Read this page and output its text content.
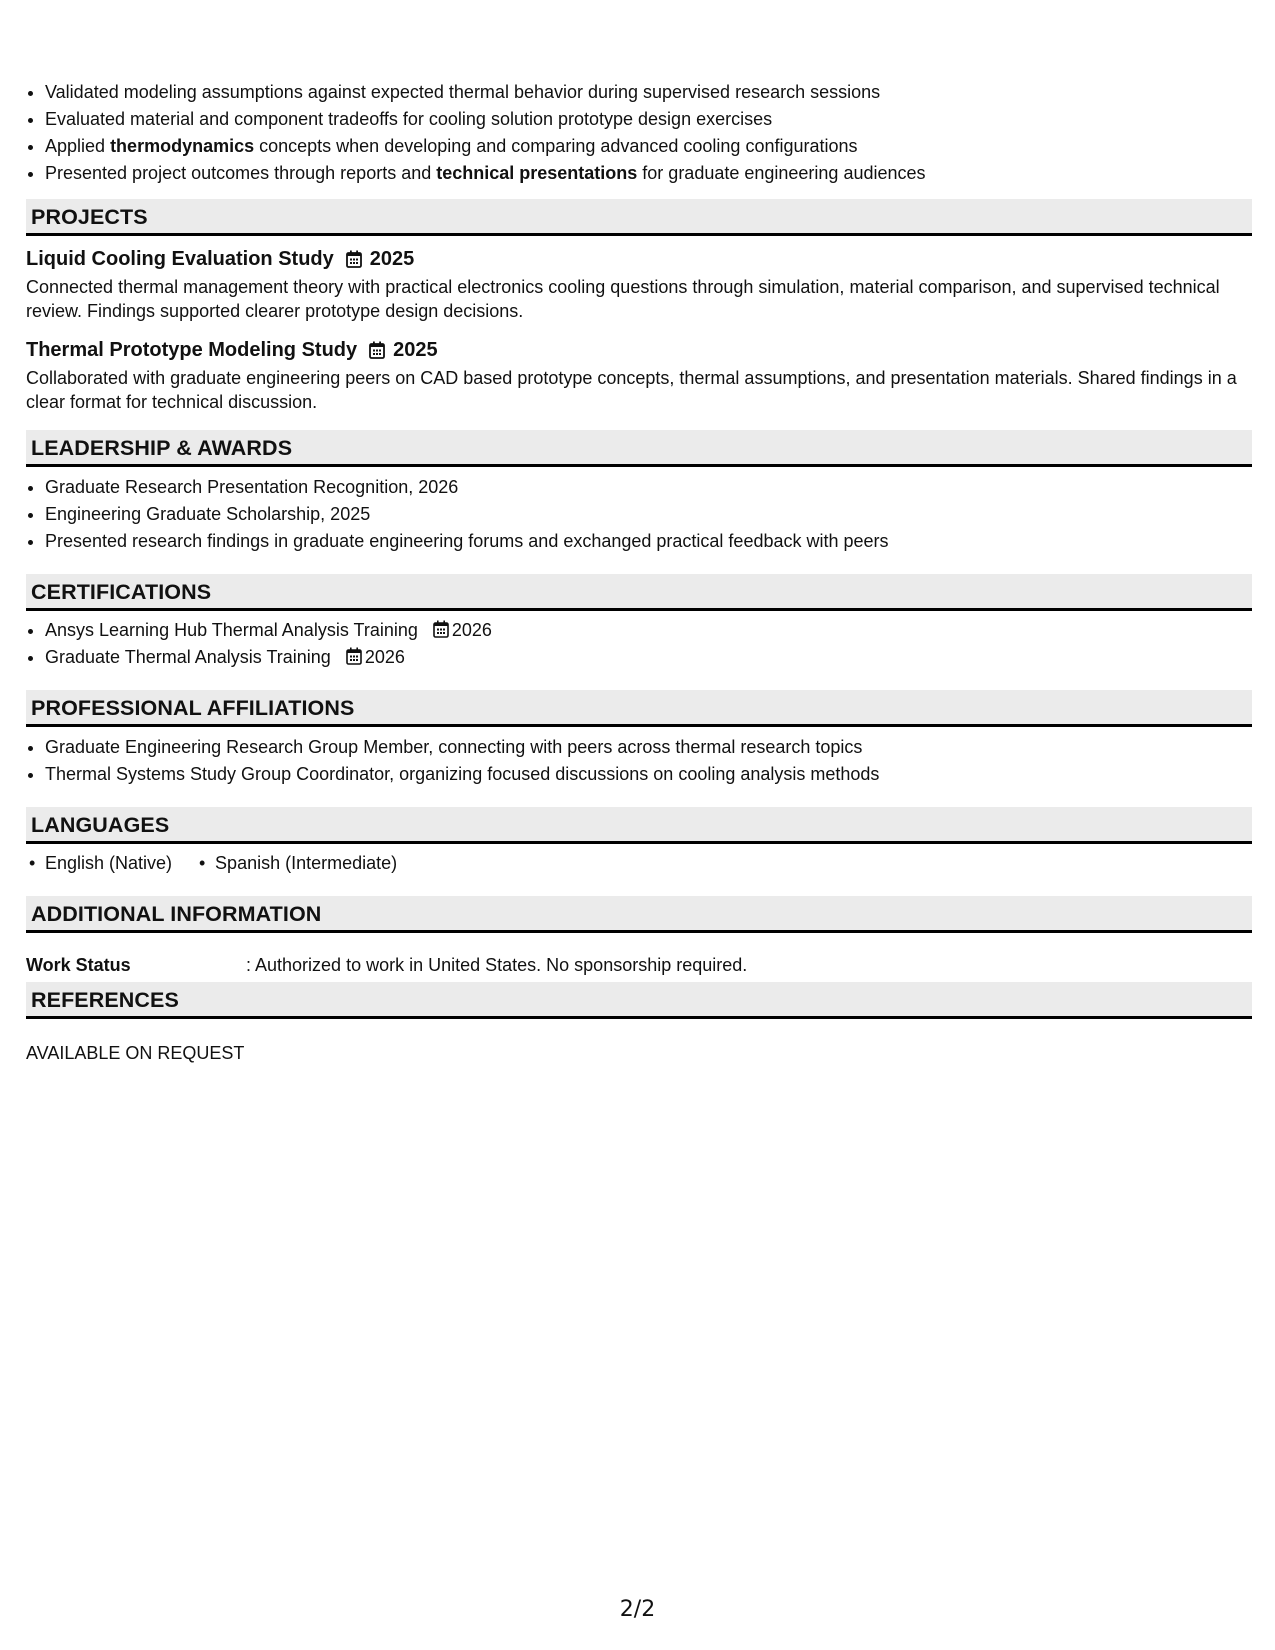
• Validated modeling assumptions against expected thermal behavior during supervised research sessions
• Evaluated material and component tradeoffs for cooling solution prototype design exercises
• Applied thermodynamics concepts when developing and comparing advanced cooling configurations
• Presented project outcomes through reports and technical presentations for graduate engineering audiences
PROJECTS
Liquid Cooling Evaluation Study 2025
Connected thermal management theory with practical electronics cooling questions through simulation, material comparison, and supervised technical review. Findings supported clearer prototype design decisions.
Thermal Prototype Modeling Study 2025
Collaborated with graduate engineering peers on CAD based prototype concepts, thermal assumptions, and presentation materials. Shared findings in a clear format for technical discussion.
LEADERSHIP & AWARDS
• Graduate Research Presentation Recognition, 2026
• Engineering Graduate Scholarship, 2025
• Presented research findings in graduate engineering forums and exchanged practical feedback with peers
CERTIFICATIONS
• Ansys Learning Hub Thermal Analysis Training 2026
• Graduate Thermal Analysis Training 2026
PROFESSIONAL AFFILIATIONS
• Graduate Engineering Research Group Member, connecting with peers across thermal research topics
• Thermal Systems Study Group Coordinator, organizing focused discussions on cooling analysis methods
LANGUAGES
• English (Native)
•	Spanish (Intermediate)
ADDITIONAL INFORMATION
Work Status	: Authorized to work in United States. No sponsorship required.
REFERENCES
AVAILABLE ON REQUEST
2/2
